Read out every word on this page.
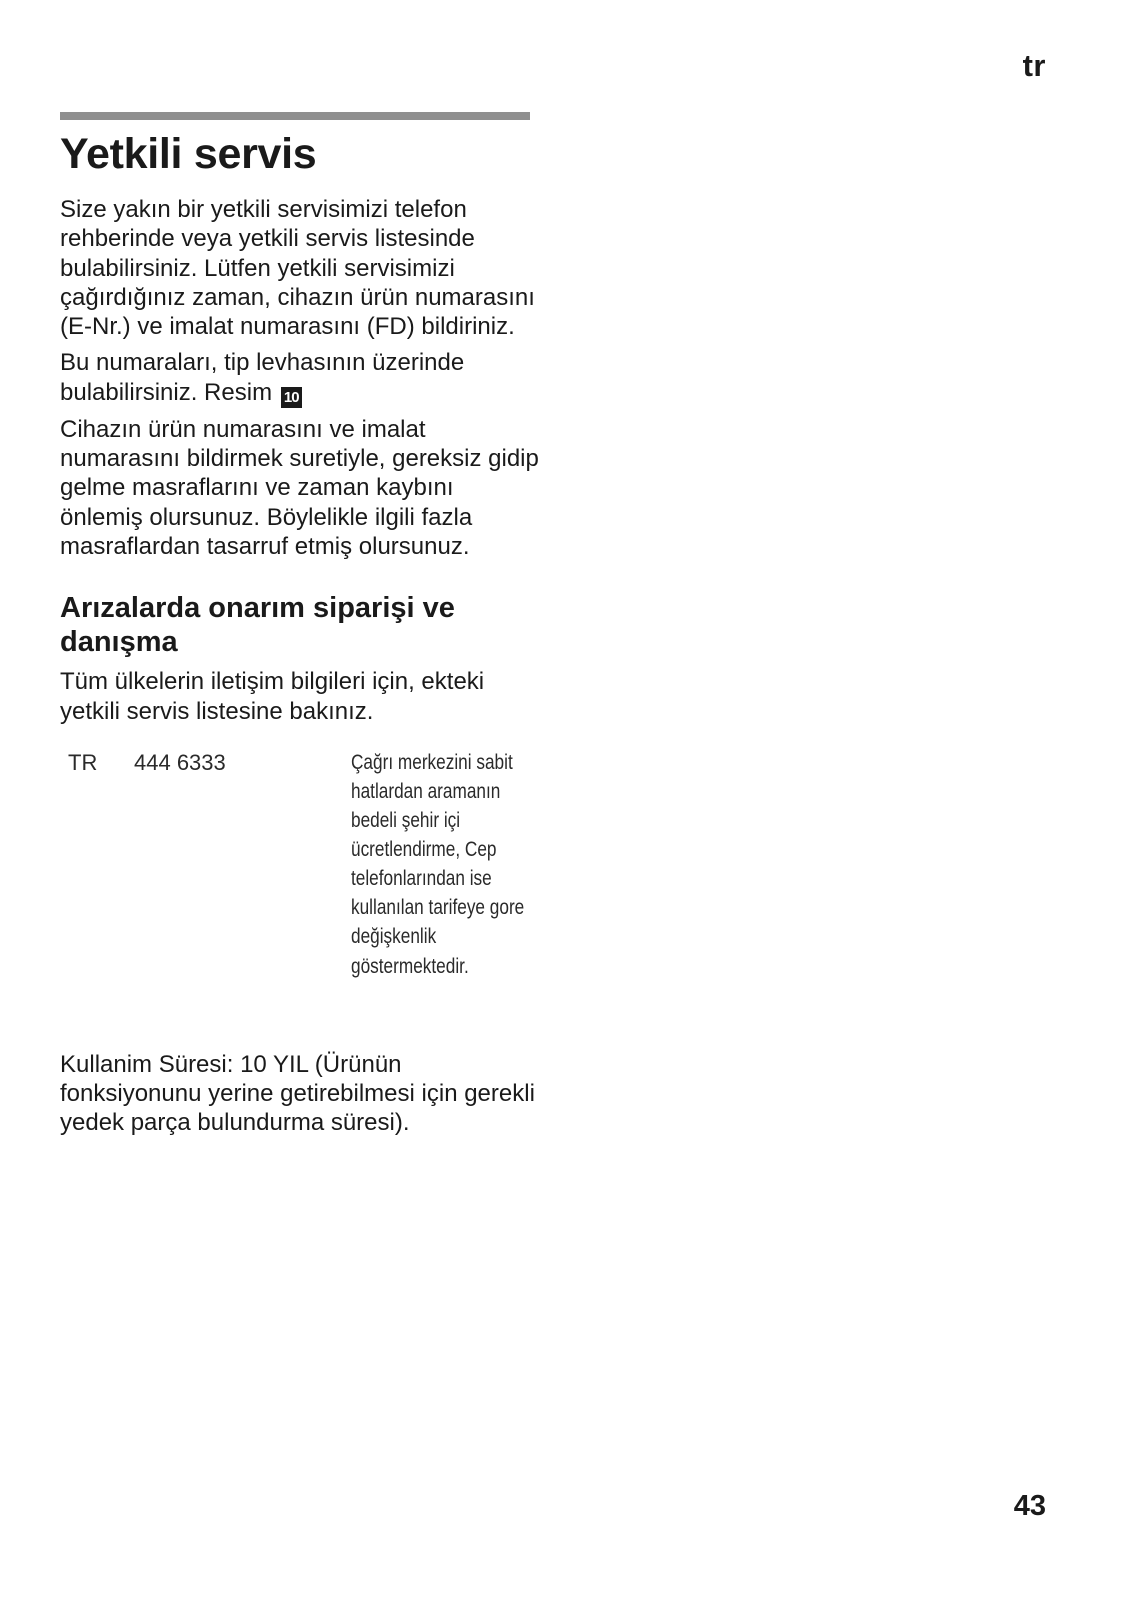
tr
Yetkili servis

Size yakın bir yetkili servisimizi telefon rehberinde veya yetkili servis listesinde bulabilirsiniz. Lütfen yetkili servisimizi çağırdığınız zaman, cihazın ürün numarasını (E-Nr.) ve imalat numarasını (FD) bildiriniz.

Bu numaraları, tip levhasının üzerinde bulabilirsiniz. Resim 10

Cihazın ürün numarasını ve imalat numarasını bildirmek suretiyle, gereksiz gidip gelme masraflarını ve zaman kaybını önlemiş olursunuz. Böylelikle ilgili fazla masraflardan tasarruf etmiş olursunuz.

Arızalarda onarım siparişi ve danışma

Tüm ülkelerin iletişim bilgileri için, ekteki yetkili servis listesine bakınız.

TR 444 6333	Çağrı merkezini sabit hatlardan aramanın bedeli şehir içi ücretlendirme, Cep telefonlarından ise kullanılan tarifeye gore değişkenlik göstermektedir.

Kullanim Süresi: 10 YIL (Ürünün fonksiyonunu yerine getirebilmesi için gerekli yedek parça bulundurma süresi).

43
